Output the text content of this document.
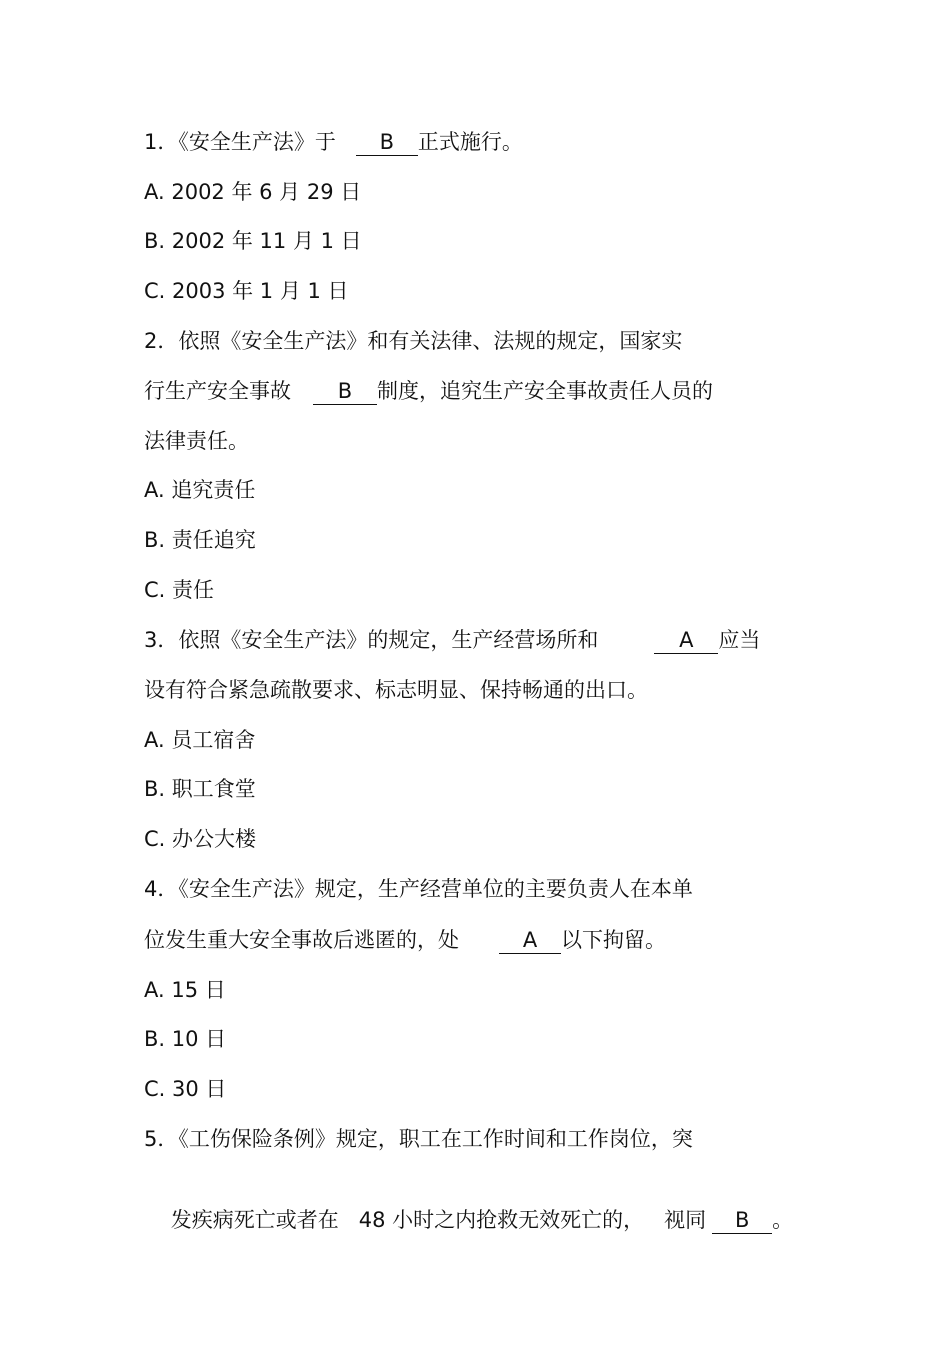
1．《安全生产法》于 B 正式施行。
A. 2002 年 6 月 29 日
B. 2002 年 11 月 1 日
C. 2003 年 1 月 1 日
2．依照《安全生产法》和有关法律、法规的规定，国家实
行生产安全事故 B 制度，追究生产安全事故责任人员的
法律责任。
A. 追究责任
B. 责任追究
C. 责任
3．依照《安全生产法》的规定，生产经营场所和	A 应当
设有符合紧急疏散要求、标志明显、保持畅通的出口。
A. 员工宿舍
B. 职工食堂
C. 办公大楼
4．《安全生产法》规定，生产经营单位的主要负责人在本单
位发生重大安全事故后逃匿的，处	A 以下拘留。
A. 15 日
B. 10 日
C. 30 日
5．《工伤保险条例》规定，职工在工作时间和工作岗位，突

发疾病死亡或者在   48 小时之内抢救无效死亡的，   视同 B 。
